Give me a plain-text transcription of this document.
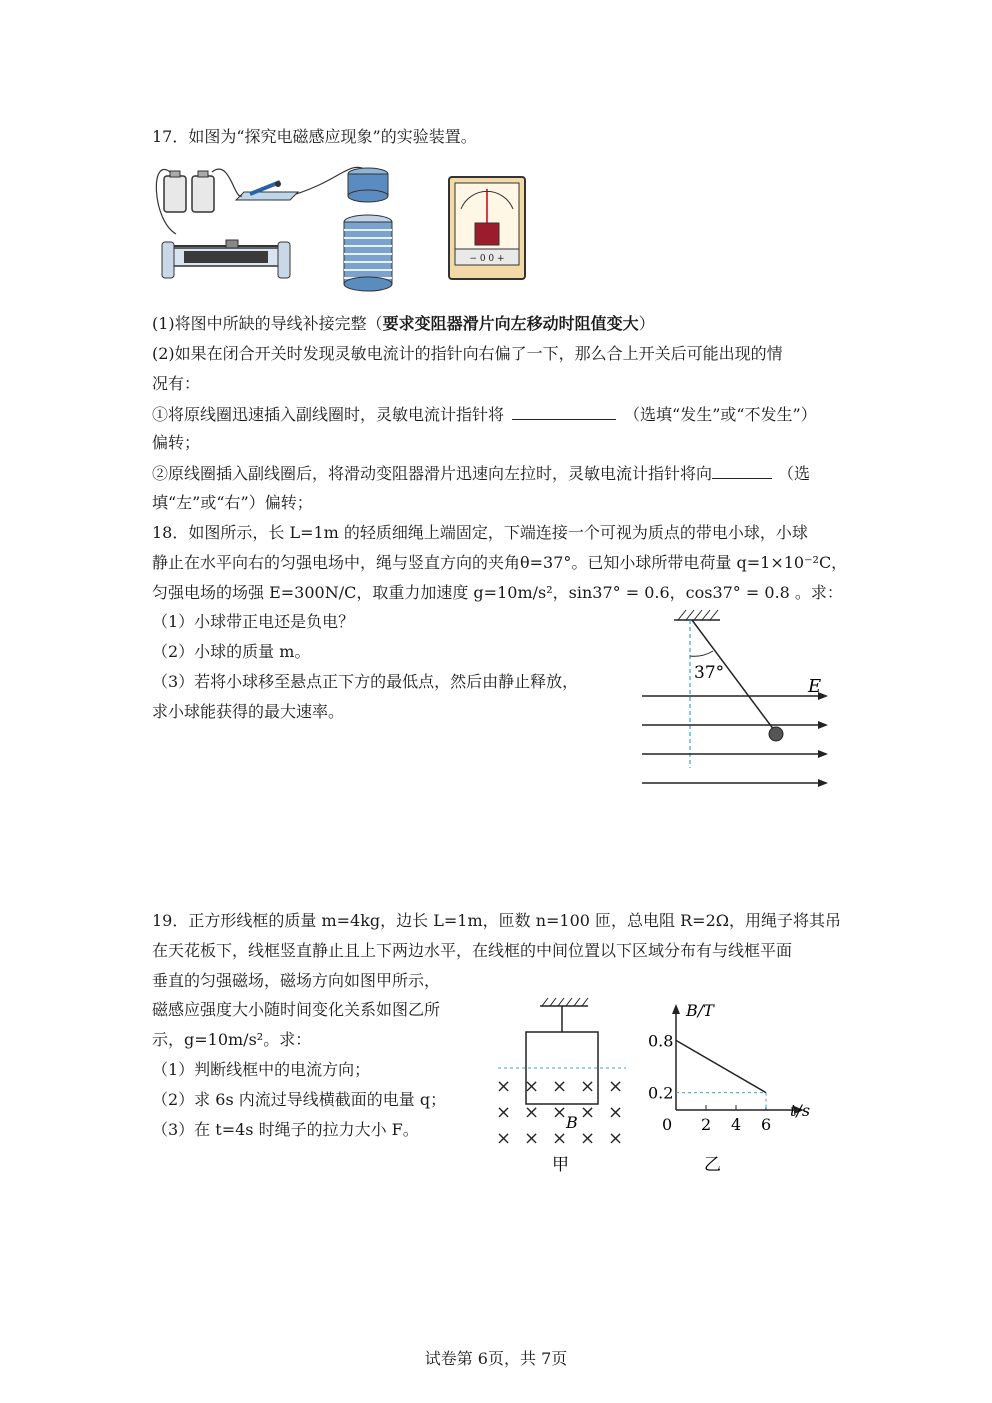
17．如图为“探究电磁感应现象”的实验装置。
− 0 0 +
(1)将图中所缺的导线补接完整（要求变阻器滑片向左移动时阻值变大）
(2)如果在闭合开关时发现灵敏电流计的指针向右偏了一下，那么合上开关后可能出现的情
况有：
①将原线圈迅速插入副线圈时，灵敏电流计指针将	（选填“发生”或“不发生”）
偏转；
②原线圈插入副线圈后，将滑动变阻器滑片迅速向左拉时，灵敏电流计指针将向	（选
填“左”或“右”）偏转；
18．如图所示，长 L=1m 的轻质细绳上端固定，下端连接一个可视为质点的带电小球，小球
静止在水平向右的匀强电场中，绳与竖直方向的夹角θ=37°。已知小球所带电荷量 q=1×10⁻²C，
匀强电场的场强 E=300N/C，取重力加速度 g=10m/s²，sin37° = 0.6，cos37° = 0.8 。求：
（1）小球带正电还是负电？
（2）小球的质量 m。
（3）若将小球移至悬点正下方的最低点，然后由静止释放，
求小球能获得的最大速率。
37°
E
19．正方形线框的质量 m=4kg，边长 L=1m，匝数 n=100 匝，总电阻 R=2Ω，用绳子将其吊
在天花板下，线框竖直静止且上下两边水平，在线框的中间位置以下区域分布有与线框平面
垂直的匀强磁场，磁场方向如图甲所示，
磁感应强度大小随时间变化关系如图乙所
示，g=10m/s²。求：
（1）判断线框中的电流方向；
（2）求 6s 内流过导线横截面的电量 q；
（3）在 t=4s 时绳子的拉力大小 F。
× × × × ×
× × × × ×
× × × × ×
B
甲
B/T
t/s
0
0.2
0.8
2 4 6
乙
试卷第 6页，共 7页
